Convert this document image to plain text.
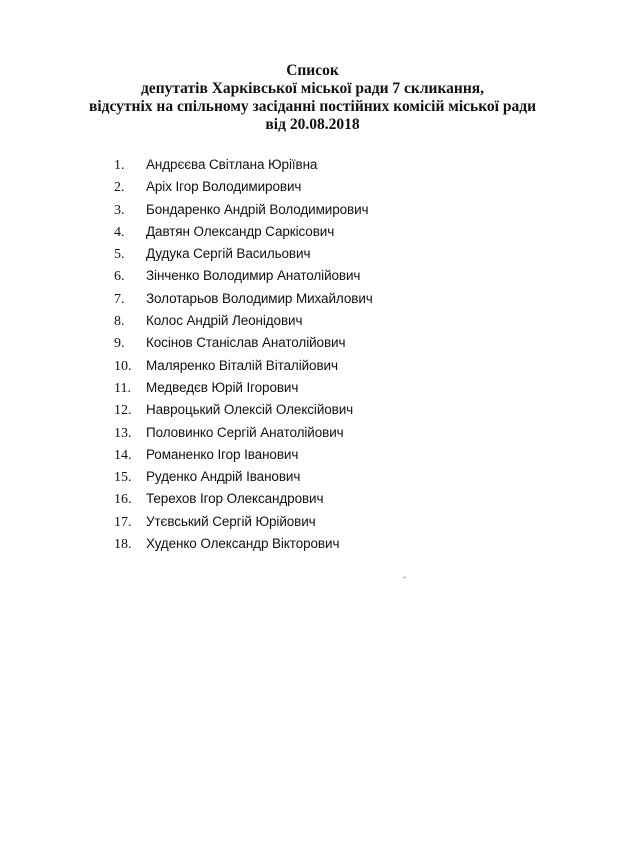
Список
депутатів Харківської міської ради 7 скликання,
відсутніх на спільному засіданні постійних комісій міської ради
від 20.08.2018
1.	Андрєєва Світлана Юріївна
2.	Аріх Ігор Володимирович
3.	Бондаренко Андрій Володимирович
4.	Давтян Олександр Саркісович
5.	Дудука Сергій Васильович
6.	Зінченко Володимир Анатолійович
7.	Золотарьов Володимир Михайлович
8.	Колос Андрій Леонідович
9.	Косінов Станіслав Анатолійович
10.	Маляренко Віталій Віталійович
11.	Медведєв Юрій Ігорович
12.	Навроцький Олексій Олексійович
13.	Половинко Сергій Анатолійович
14.	Романенко Ігор Іванович
15.	Руденко Андрій Іванович
16.	Терехов Ігор Олександрович
17.	Утєвський Сергій Юрійович
18.	Худенко Олександр Вікторович
